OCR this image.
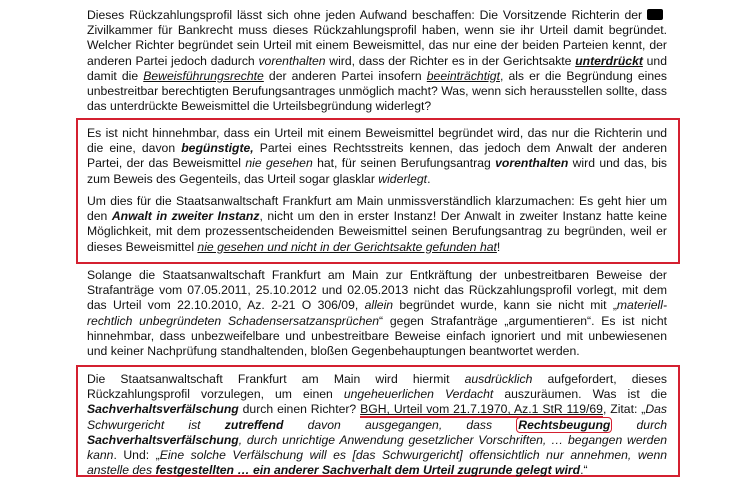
Dieses Rückzahlungsprofil lässt sich ohne jeden Aufwand beschaffen: Die Vorsitzende Richterin der Zivilkammer für Bankrecht muss dieses Rückzahlungsprofil haben, wenn sie ihr Urteil damit begründet. Welcher Richter begründet sein Urteil mit einem Beweismittel, das nur eine der beiden Parteien kennt, der anderen Partei jedoch dadurch vorenthalten wird, dass der Richter es in der Gerichtsakte unterdrückt und damit die Beweisführungsrechte der anderen Partei insofern beeinträchtigt, als er die Begründung eines unbestreitbar berechtigten Berufungsantrages unmöglich macht? Was, wenn sich herausstellen sollte, dass das unterdrückte Beweismittel die Urteilsbegründung widerlegt?
Es ist nicht hinnehmbar, dass ein Urteil mit einem Beweismittel begründet wird, das nur die Richterin und die eine, davon begünstigte, Partei eines Rechtsstreits kennen, das jedoch dem Anwalt der anderen Partei, der das Beweismittel nie gesehen hat, für seinen Berufungsantrag vorenthalten wird und das, bis zum Beweis des Gegenteils, das Urteil sogar glasklar widerlegt.
Um dies für die Staatsanwaltschaft Frankfurt am Main unmissverständlich klarzumachen: Es geht hier um den Anwalt in zweiter Instanz, nicht um den in erster Instanz! Der Anwalt in zweiter Instanz hatte keine Möglichkeit, mit dem prozessentscheidenden Beweismittel seinen Berufungsantrag zu begründen, weil er dieses Beweismittel nie gesehen und nicht in der Gerichtsakte gefunden hat!
Solange die Staatsanwaltschaft Frankfurt am Main zur Entkräftung der unbestreitbaren Beweise der Strafanträge vom 07.05.2011, 25.10.2012 und 02.05.2013 nicht das Rückzahlungsprofil vorlegt, mit dem das Urteil vom 22.10.2010, Az. 2-21 O 306/09, allein begründet wurde, kann sie nicht mit „materiell-rechtlich unbegründeten Schadensersatzansprüchen“ gegen Strafanträge „argumentieren“. Es ist nicht hinnehmbar, dass unbezweifelbare und unbestreitbare Beweise einfach ignoriert und mit unbewiesenen und keiner Nachprüfung standhaltenden, bloßen Gegenbehauptungen beantwortet werden.
Die Staatsanwaltschaft Frankfurt am Main wird hiermit ausdrücklich aufgefordert, dieses Rückzahlungsprofil vorzulegen, um einen ungeheuerlichen Verdacht auszuräumen. Was ist die Sachverhaltsverfälschung durch einen Richter? BGH, Urteil vom 21.7.1970, Az.1 StR 119/69, Zitat: „Das Schwurgericht ist zutreffend davon ausgegangen, dass Rechtsbeugung durch Sachverhaltsverfälschung, durch unrichtige Anwendung gesetzlicher Vorschriften, … begangen werden kann. Und: „Eine solche Verfälschung will es [das Schwurgericht] offensichtlich nur annehmen, wenn anstelle des festgestellten … ein anderer Sachverhalt dem Urteil zugrunde gelegt wird.“
